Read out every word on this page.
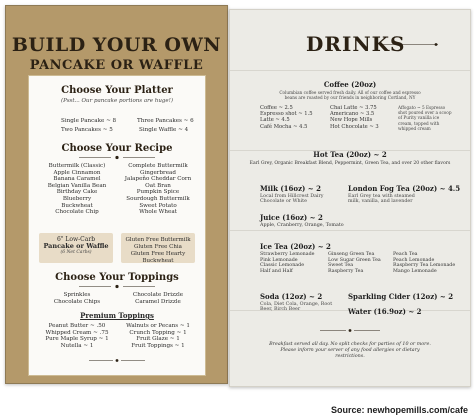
BUILD YOUR OWN
PANCAKE OR WAFFLE
Choose Your Platter
(Psst... Our pancake portions are huge!)
Single Pancake ~ 8	Three Pancakes ~ 6
Two Pancakes ~ 5	Single Waffle ~ 4
Choose Your Recipe
Buttermilk (Classic)
Apple Cinnamon
Banana Caramel
Belgian Vanilla Bean
Birthday Cake
Blueberry
Buckwheat
Chocolate Chip
Complete Buttermilk
Gingerbread
Jalapeño Cheddar Corn
Oat Bran
Pumpkin Spice
Sourdough Buttermilk
Sweet Potato
Whole Wheat
6" Low-Carb
Pancake or Waffle
(6 Net Carbs)
Gluten Free Buttermilk
Gluten Free Chia
Gluten Free Hearty Buckwheat
Choose Your Toppings
Sprinkles
Chocolate Chips
Chocolate Drizzle
Caramel Drizzle
Premium Toppings
Peanut Butter ~ .50
Whipped Cream ~ .75
Pure Maple Syrup ~ 1
Nutella ~ 1
Walnuts or Pecans ~ 1
Crunch Topping ~ 1
Fruit Glaze ~ 1
Fruit Toppings ~ 1
DRINKS
Coffee (20oz)
Columbian coffee served fresh daily. All of our coffee and espresso beans are roasted by our friends in neighboring Cortland, NY
Coffee ~ 2.5
Espresso shot ~ 1.5
Latte ~ 4.5
Café Mocha ~ 4.5
Chai Latte ~ 3.75
Americano ~ 3.5
New Hope Mills
Hot Chocolate ~ 3
Affogato ~ 5 Espresso shot poured over a scoop of Purity vanilla ice cream, topped with whipped cream
Hot Tea (20oz) ~ 2
Earl Grey, Organic Breakfast Blend, Peppermint, Green Tea, and over 20 other flavors
Milk (16oz) ~ 2
Local from Hillcrest Dairy Chocolate or White
London Fog Tea (20oz) ~ 4.5
Earl Grey tea with steamed milk, vanilla, and lavender
Juice (16oz) ~ 2
Apple, Cranberry, Orange, Tomato
Ice Tea (20oz) ~ 2
Strawberry Lemonade
Pink Lemonade
Classic Lemonade
Half and Half
Ginseng Green Tea
Low Sugar Green Tea
Sweet Tea
Raspberry Tea
Peach Tea
Peach Lemonade
Raspberry Tea Lemonade
Mango Lemonade
Soda (12oz) ~ 2
Cola, Diet Cola, Orange, Root Beer, Birch Beer
Sparkling Cider (12oz) ~ 2
Water (16.9oz) ~ 2
Breakfast served all day. No split checks for parties of 10 or more. Please inform your server of any food allergies or dietary restrictions.
Source: newhopemills.com/cafe
